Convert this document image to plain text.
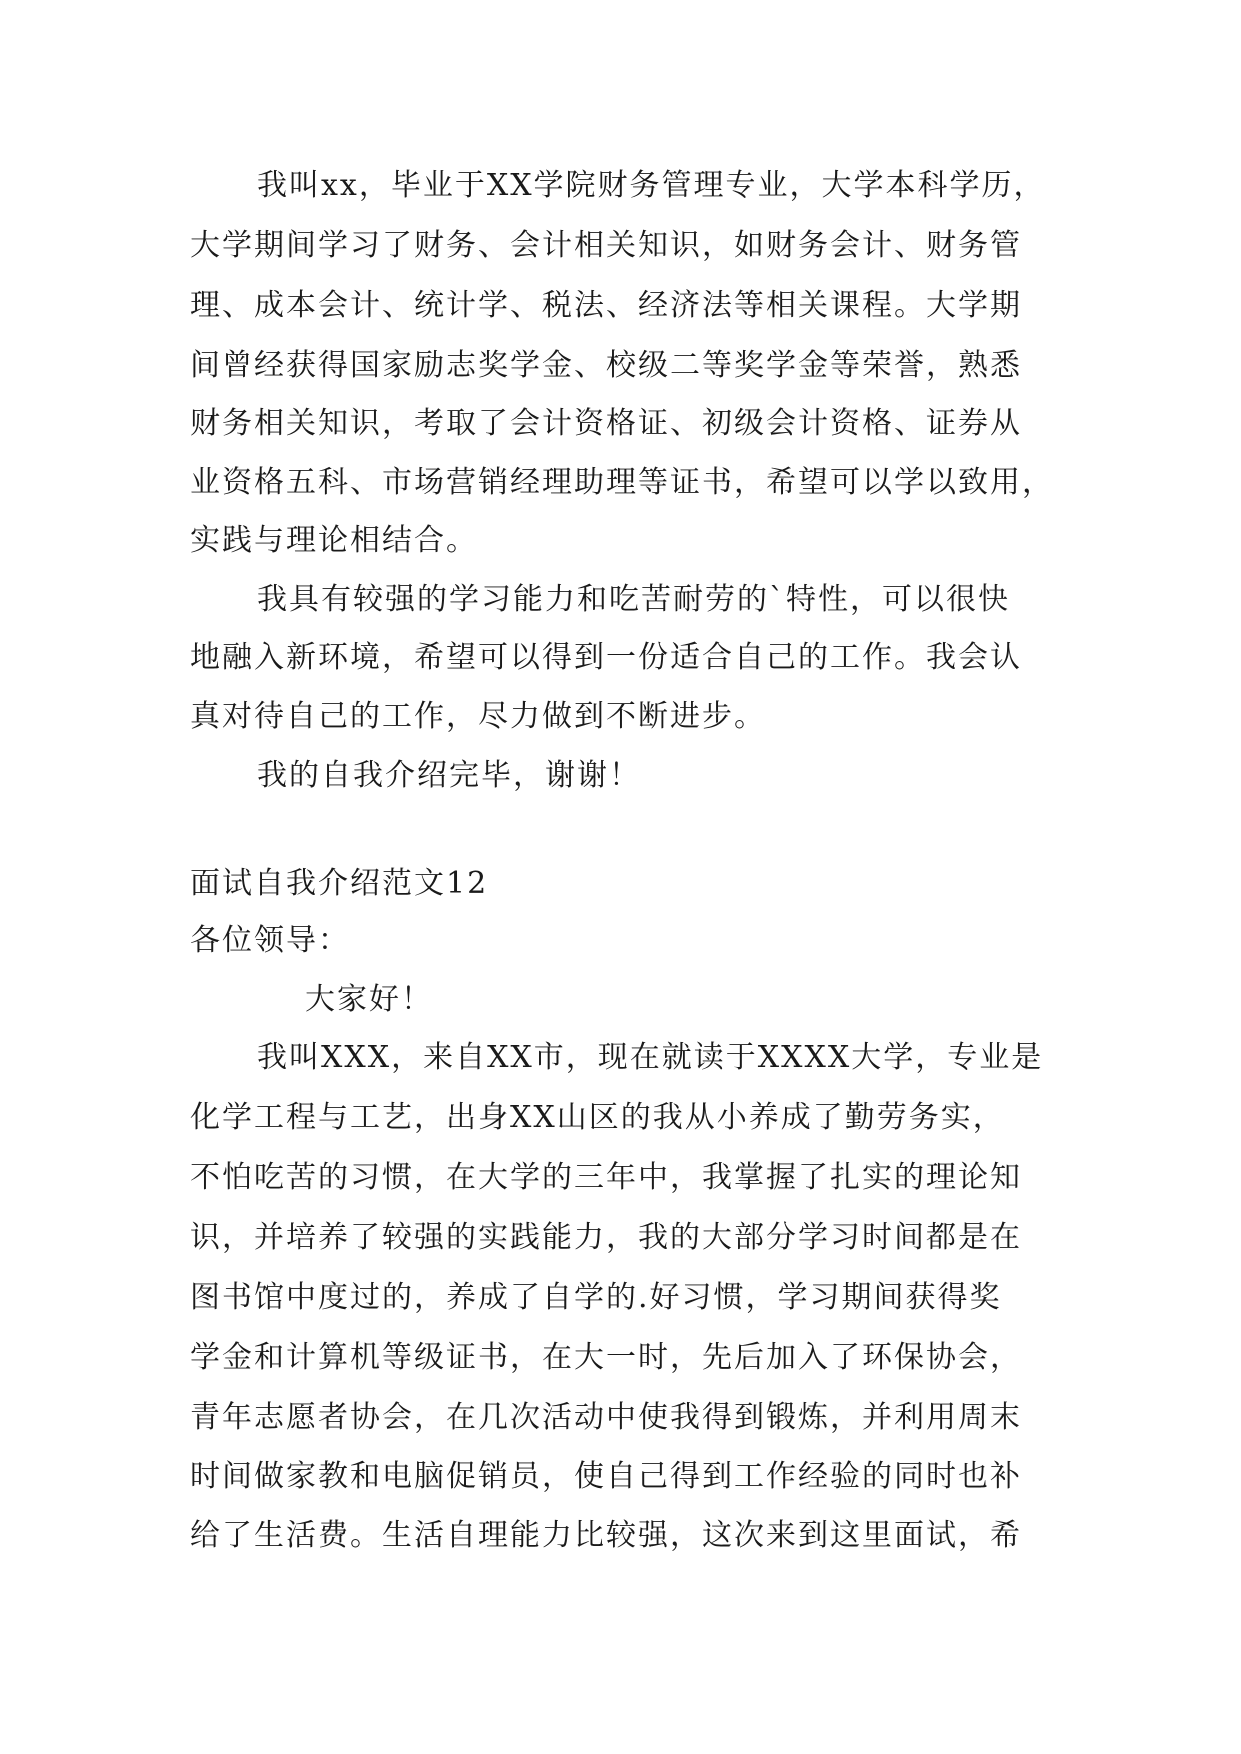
我叫xx，毕业于XX学院财务管理专业，大学本科学历，
大学期间学习了财务、会计相关知识，如财务会计、财务管
理、成本会计、统计学、税法、经济法等相关课程。大学期
间曾经获得国家励志奖学金、校级二等奖学金等荣誉，熟悉
财务相关知识，考取了会计资格证、初级会计资格、证券从
业资格五科、市场营销经理助理等证书，希望可以学以致用，
实践与理论相结合。
我具有较强的学习能力和吃苦耐劳的`特性，可以很快
地融入新环境，希望可以得到一份适合自己的工作。我会认
真对待自己的工作，尽力做到不断进步。
我的自我介绍完毕，谢谢！
面试自我介绍范文12
各位领导：
大家好！
我叫XXX，来自XX市，现在就读于XXXX大学，专业是
化学工程与工艺，出身XX山区的我从小养成了勤劳务实，
不怕吃苦的习惯，在大学的三年中，我掌握了扎实的理论知
识，并培养了较强的实践能力，我的大部分学习时间都是在
图书馆中度过的，养成了自学的.好习惯，学习期间获得奖
学金和计算机等级证书，在大一时，先后加入了环保协会，
青年志愿者协会，在几次活动中使我得到锻炼，并利用周末
时间做家教和电脑促销员，使自己得到工作经验的同时也补
给了生活费。生活自理能力比较强，这次来到这里面试，希
